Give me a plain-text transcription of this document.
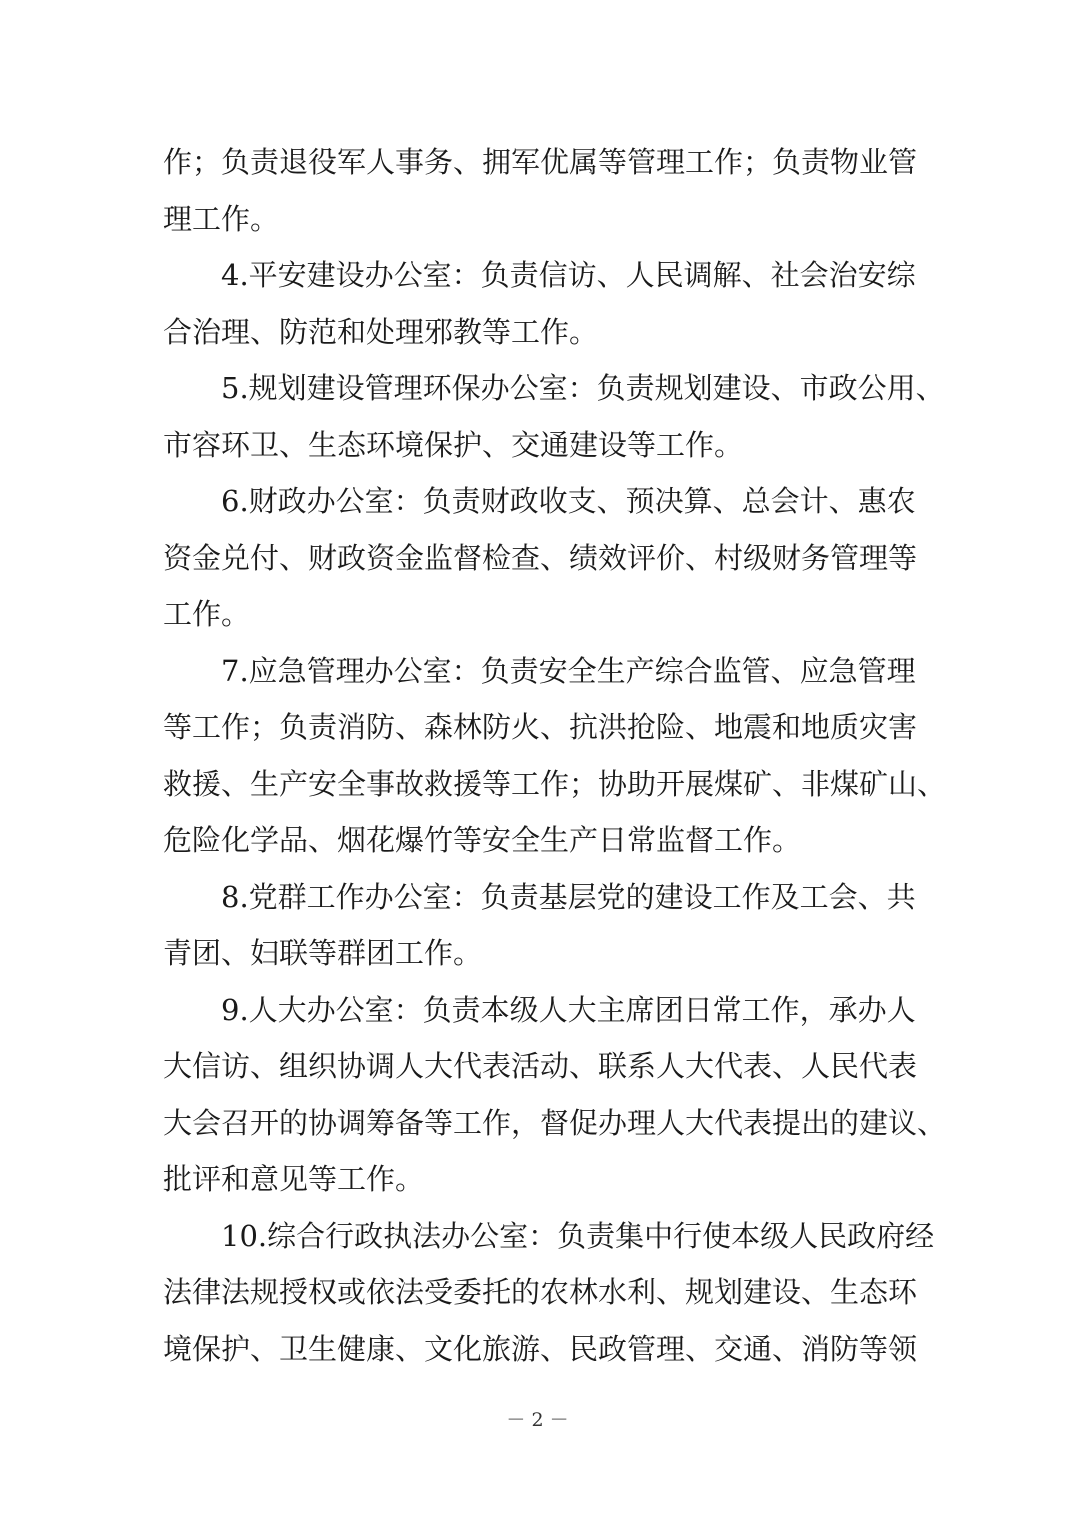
作；负责退役军人事务、拥军优属等管理工作；负责物业管
理工作。
4.平安建设办公室：负责信访、人民调解、社会治安综
合治理、防范和处理邪教等工作。
5.规划建设管理环保办公室：负责规划建设、市政公用、
市容环卫、生态环境保护、交通建设等工作。
6.财政办公室：负责财政收支、预决算、总会计、惠农
资金兑付、财政资金监督检查、绩效评价、村级财务管理等
工作。
7.应急管理办公室：负责安全生产综合监管、应急管理
等工作；负责消防、森林防火、抗洪抢险、地震和地质灾害
救援、生产安全事故救援等工作；协助开展煤矿、非煤矿山、
危险化学品、烟花爆竹等安全生产日常监督工作。
8.党群工作办公室：负责基层党的建设工作及工会、共
青团、妇联等群团工作。
9.人大办公室：负责本级人大主席团日常工作，承办人
大信访、组织协调人大代表活动、联系人大代表、人民代表
大会召开的协调筹备等工作，督促办理人大代表提出的建议、
批评和意见等工作。
10.综合行政执法办公室：负责集中行使本级人民政府经
法律法规授权或依法受委托的农林水利、规划建设、生态环
境保护、卫生健康、文化旅游、民政管理、交通、消防等领
－ 2 －
